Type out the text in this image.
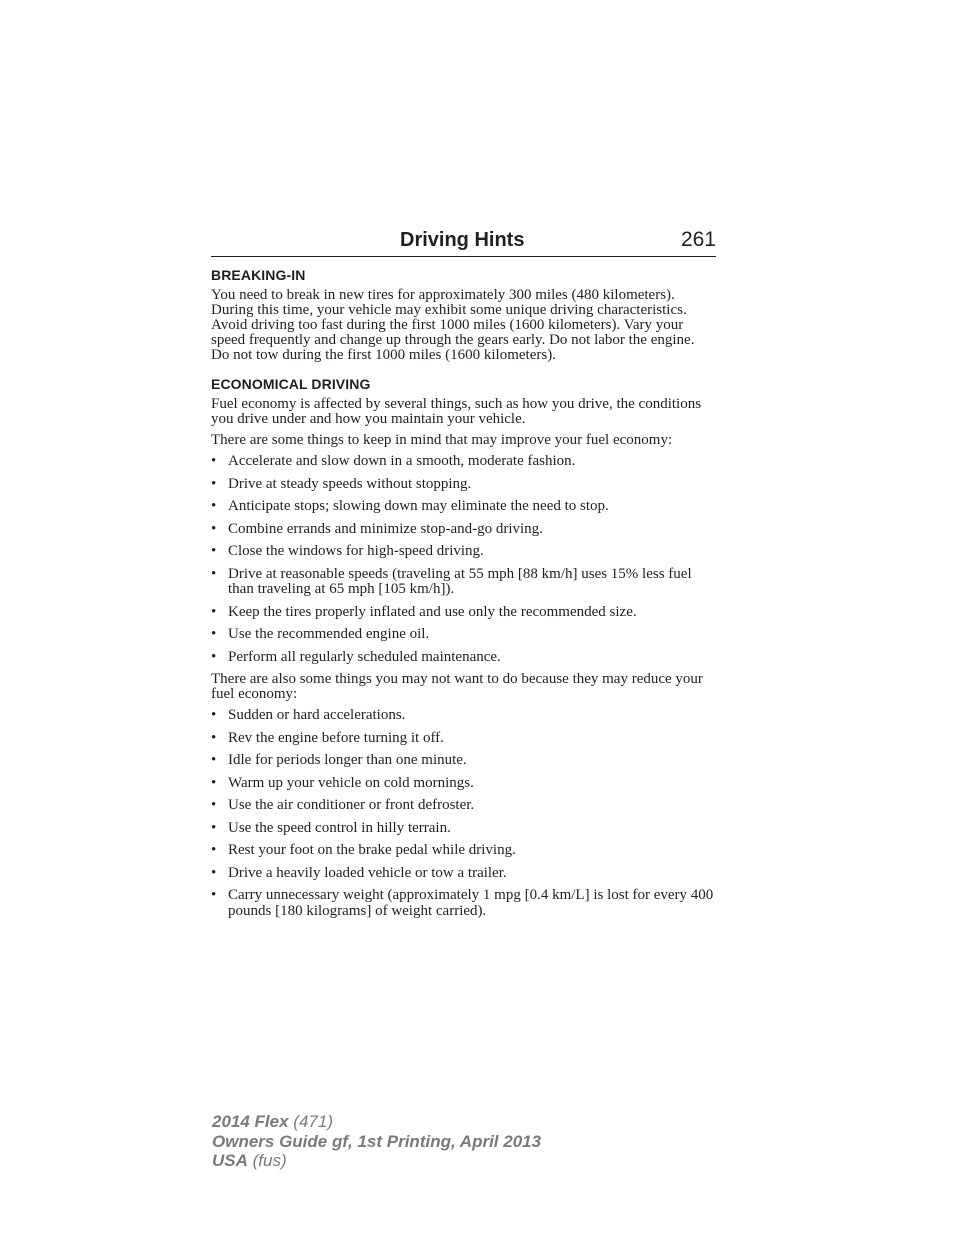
Driving Hints	261
BREAKING-IN

You need to break in new tires for approximately 300 miles (480 kilometers). During this time, your vehicle may exhibit some unique driving characteristics. Avoid driving too fast during the first 1000 miles (1600 kilometers). Vary your speed frequently and change up through the gears early. Do not labor the engine. Do not tow during the first 1000 miles (1600 kilometers).

ECONOMICAL DRIVING

Fuel economy is affected by several things, such as how you drive, the conditions you drive under and how you maintain your vehicle.

There are some things to keep in mind that may improve your fuel economy:

• Accelerate and slow down in a smooth, moderate fashion.
• Drive at steady speeds without stopping.
• Anticipate stops; slowing down may eliminate the need to stop.
• Combine errands and minimize stop-and-go driving.
• Close the windows for high-speed driving.
• Drive at reasonable speeds (traveling at 55 mph [88 km/h] uses 15% less fuel than traveling at 65 mph [105 km/h]).
• Keep the tires properly inflated and use only the recommended size.
• Use the recommended engine oil.
• Perform all regularly scheduled maintenance.

There are also some things you may not want to do because they may reduce your fuel economy:

• Sudden or hard accelerations.
• Rev the engine before turning it off.
• Idle for periods longer than one minute.
• Warm up your vehicle on cold mornings.
• Use the air conditioner or front defroster.
• Use the speed control in hilly terrain.
• Rest your foot on the brake pedal while driving.
• Drive a heavily loaded vehicle or tow a trailer.
• Carry unnecessary weight (approximately 1 mpg [0.4 km/L] is lost for every 400 pounds [180 kilograms] of weight carried).
2014 Flex (471)
Owners Guide gf, 1st Printing, April 2013
USA (fus)
